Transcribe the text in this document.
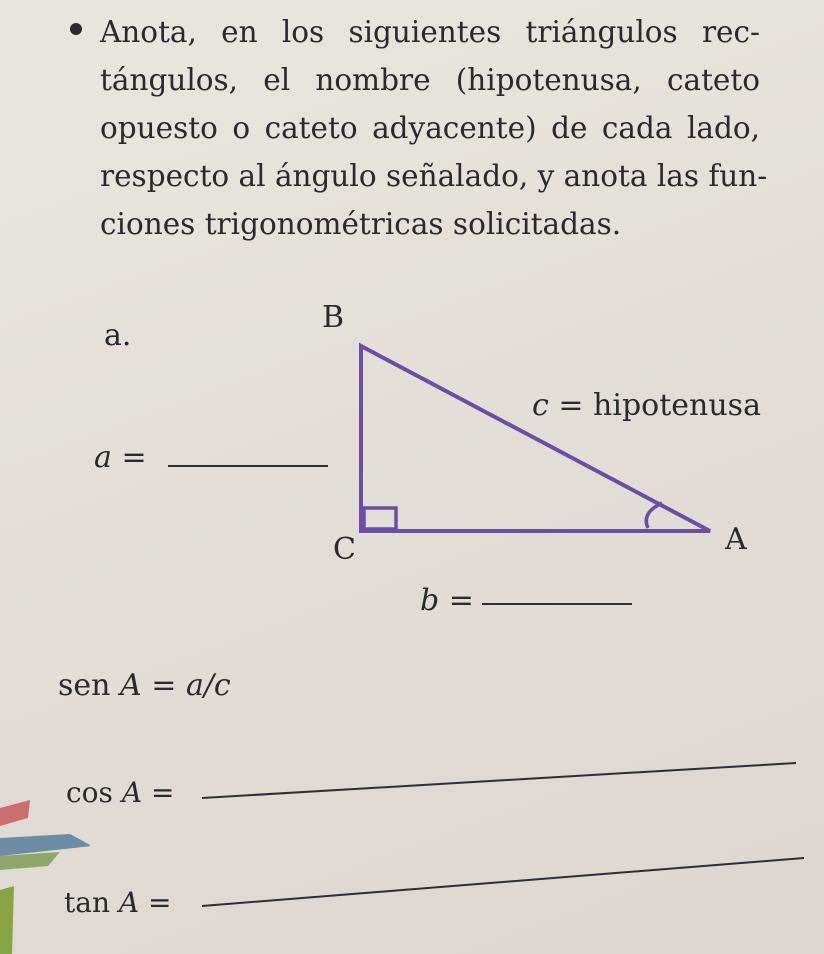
Anota, en los siguientes triángulos rec-
tángulos, el nombre (hipotenusa, cateto
opuesto o cateto adyacente) de cada lado,
respecto al ángulo señalado, y anota las fun-
ciones trigonométricas solicitadas.

a.
B
C	A
c = hipotenusa
a =
b =
sen A = a/c
cos A =
tan A =
